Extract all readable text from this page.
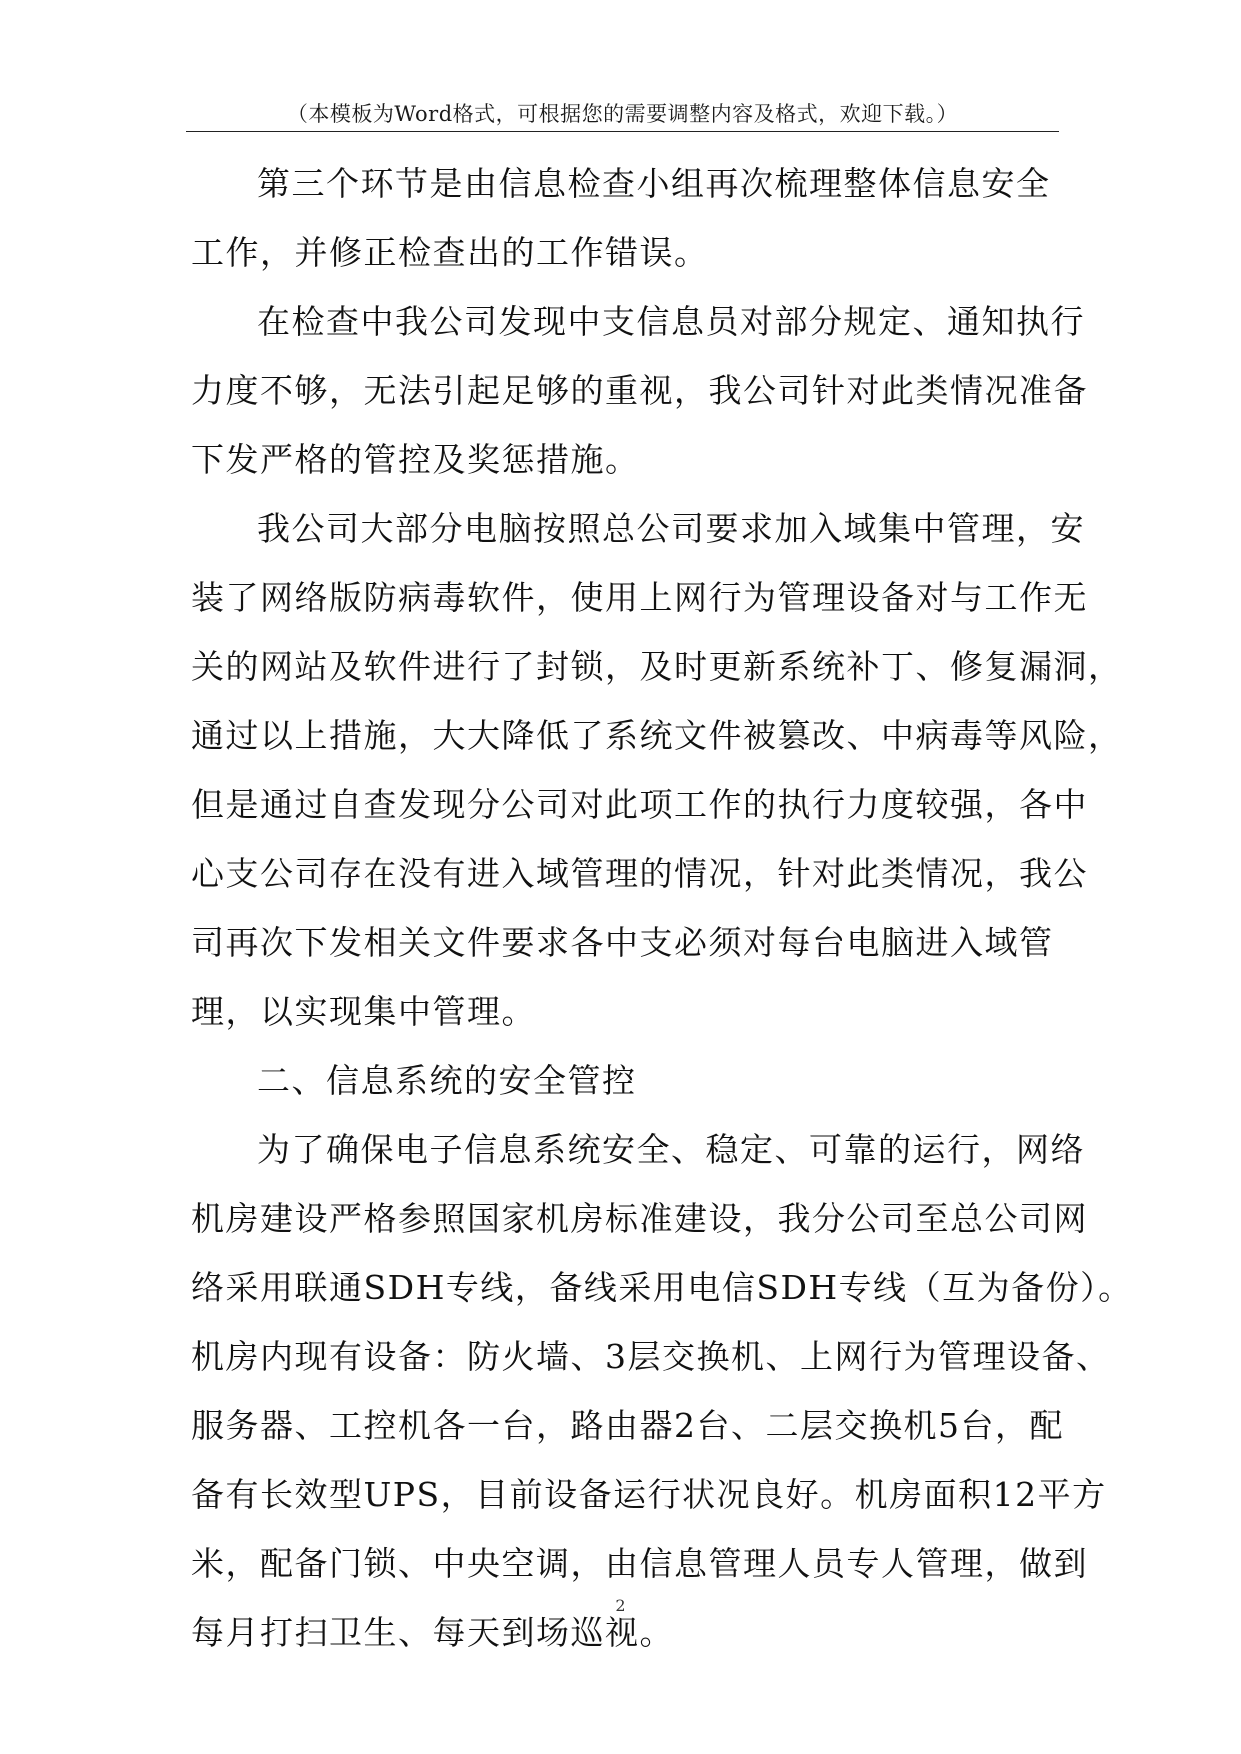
（本模板为Word格式，可根据您的需要调整内容及格式，欢迎下载。）
第三个环节是由信息检查小组再次梳理整体信息安全
工作，并修正检查出的工作错误。
在检查中我公司发现中支信息员对部分规定、通知执行
力度不够，无法引起足够的重视，我公司针对此类情况准备
下发严格的管控及奖惩措施。
我公司大部分电脑按照总公司要求加入域集中管理，安
装了网络版防病毒软件，使用上网行为管理设备对与工作无
关的网站及软件进行了封锁，及时更新系统补丁、修复漏洞，
通过以上措施，大大降低了系统文件被篡改、中病毒等风险，
但是通过自查发现分公司对此项工作的执行力度较强，各中
心支公司存在没有进入域管理的情况，针对此类情况，我公
司再次下发相关文件要求各中支必须对每台电脑进入域管
理，以实现集中管理。
二、信息系统的安全管控
为了确保电子信息系统安全、稳定、可靠的运行，网络
机房建设严格参照国家机房标准建设，我分公司至总公司网
络采用联通SDH专线，备线采用电信SDH专线（互为备份）。
机房内现有设备：防火墙、3层交换机、上网行为管理设备、
服务器、工控机各一台，路由器2台、二层交换机5台，配
备有长效型UPS，目前设备运行状况良好。机房面积12平方
米，配备门锁、中央空调，由信息管理人员专人管理，做到
每月打扫卫生、每天到场巡视。
2
